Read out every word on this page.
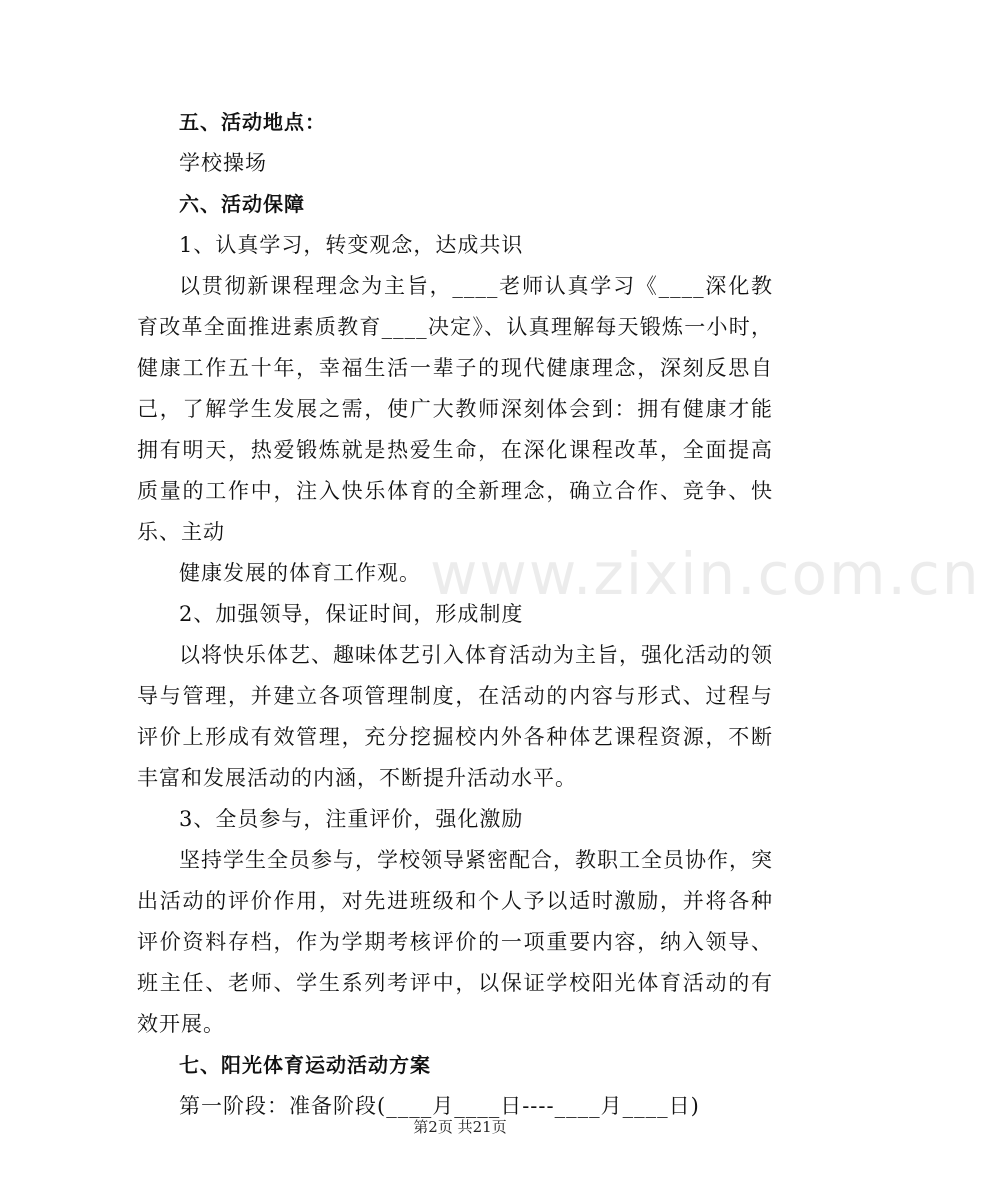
五、活动地点：

学校操场

六、活动保障

1、认真学习，转变观念，达成共识

以贯彻新课程理念为主旨，____老师认真学习《____深化教育改革全面推进素质教育____决定》、认真理解每天锻炼一小时，健康工作五十年，幸福生活一辈子的现代健康理念，深刻反思自己，了解学生发展之需，使广大教师深刻体会到：拥有健康才能拥有明天，热爱锻炼就是热爱生命，在深化课程改革，全面提高质量的工作中，注入快乐体育的全新理念，确立合作、竞争、快乐、主动

健康发展的体育工作观。

2、加强领导，保证时间，形成制度

以将快乐体艺、趣味体艺引入体育活动为主旨，强化活动的领导与管理，并建立各项管理制度，在活动的内容与形式、过程与评价上形成有效管理，充分挖掘校内外各种体艺课程资源，不断丰富和发展活动的内涵，不断提升活动水平。

3、全员参与，注重评价，强化激励

坚持学生全员参与，学校领导紧密配合，教职工全员协作，突出活动的评价作用，对先进班级和个人予以适时激励，并将各种评价资料存档，作为学期考核评价的一项重要内容，纳入领导、班主任、老师、学生系列考评中，以保证学校阳光体育活动的有效开展。

七、阳光体育运动活动方案

第一阶段：准备阶段(____月____日----____月____日)

www.zixin.com.cn
第2页 共21页
